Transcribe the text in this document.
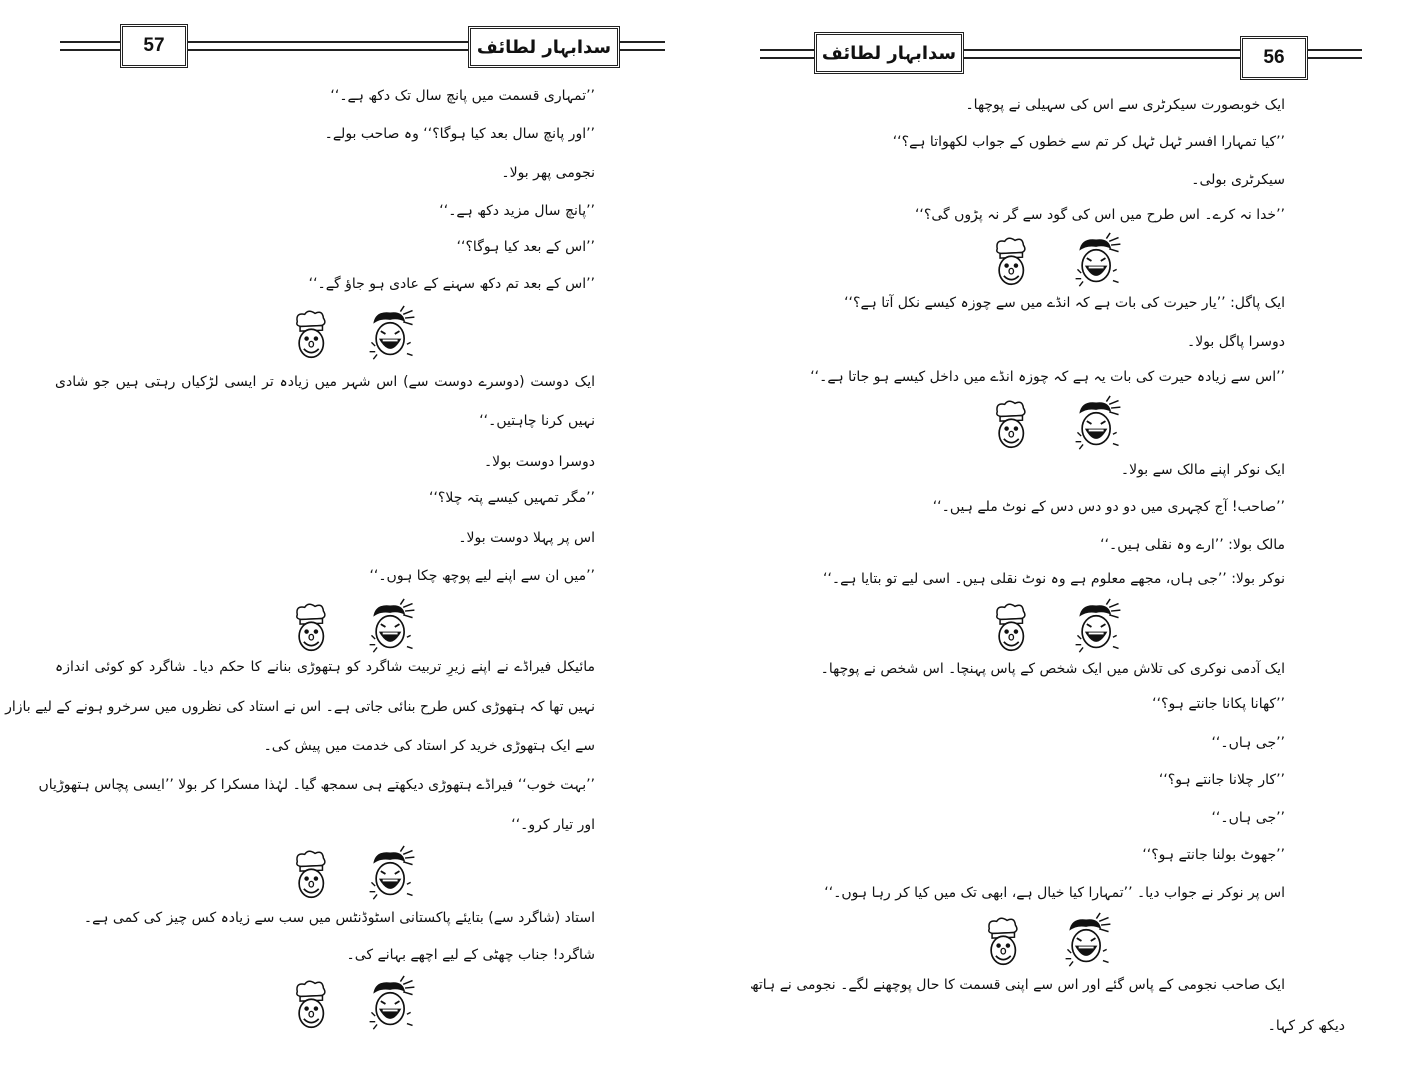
57	سدابہار لطائف
’’تمہاری قسمت میں پانچ سال تک دکھ ہے۔‘‘
’’اور پانچ سال بعد کیا ہوگا؟‘‘ وہ صاحب بولے۔
نجومی پھر بولا۔
’’پانچ سال مزید دکھ ہے۔‘‘
’’اس کے بعد کیا ہوگا؟‘‘
’’اس کے بعد تم دکھ سہنے کے عادی ہو جاؤ گے۔‘‘
ایک دوست (دوسرے دوست سے) اس شہر میں زیادہ تر ایسی لڑکیاں رہتی ہیں جو شادی
نہیں کرنا چاہتیں۔‘‘
دوسرا دوست بولا۔
’’مگر تمہیں کیسے پتہ چلا؟‘‘
اس پر پہلا دوست بولا۔
’’میں ان سے اپنے لیے پوچھ چکا ہوں۔‘‘
مائیکل فیراڈے نے اپنے زیرِ تربیت شاگرد کو ہتھوڑی بنانے کا حکم دیا۔ شاگرد کو کوئی اندازہ
نہیں تھا کہ ہتھوڑی کس طرح بنائی جاتی ہے۔ اس نے استاد کی نظروں میں سرخرو ہونے کے لیے بازار
سے ایک ہتھوڑی خرید کر استاد کی خدمت میں پیش کی۔
’’بہت خوب‘‘ فیراڈے ہتھوڑی دیکھتے ہی سمجھ گیا۔ لہٰذا مسکرا کر بولا ’’ایسی پچاس ہتھوڑیاں
اور تیار کرو۔‘‘
استاد (شاگرد سے) بتایئے پاکستانی اسٹوڈنٹس میں سب سے زیادہ کس چیز کی کمی ہے۔
شاگرد! جناب چھٹی کے لیے اچھے بہانے کی۔
سدابہار لطائف	56
ایک خوبصورت سیکرٹری سے اس کی سہیلی نے پوچھا۔
’’کیا تمہارا افسر ٹہل ٹہل کر تم سے خطوں کے جواب لکھواتا ہے؟‘‘
سیکرٹری بولی۔
’’خدا نہ کرے۔ اس طرح میں اس کی گود سے گر نہ پڑوں گی؟‘‘
ایک پاگل: ’’یار حیرت کی بات ہے کہ انڈے میں سے چوزہ کیسے نکل آتا ہے؟‘‘
دوسرا پاگل بولا۔
’’اس سے زیادہ حیرت کی بات یہ ہے کہ چوزہ انڈے میں داخل کیسے ہو جاتا ہے۔‘‘
ایک نوکر اپنے مالک سے بولا۔
’’صاحب! آج کچہری میں دو دو دس دس کے نوٹ ملے ہیں۔‘‘
مالک بولا: ’’ارے وہ نقلی ہیں۔‘‘
نوکر بولا: ’’جی ہاں، مجھے معلوم ہے وہ نوٹ نقلی ہیں۔ اسی لیے تو بتایا ہے۔‘‘
ایک آدمی نوکری کی تلاش میں ایک شخص کے پاس پہنچا۔ اس شخص نے پوچھا۔
’’کھانا پکانا جانتے ہو؟‘‘
’’جی ہاں۔‘‘
’’کار چلانا جانتے ہو؟‘‘
’’جی ہاں۔‘‘
’’جھوٹ بولنا جانتے ہو؟‘‘
اس پر نوکر نے جواب دیا۔ ’’تمہارا کیا خیال ہے، ابھی تک میں کیا کر رہا ہوں۔‘‘
ایک صاحب نجومی کے پاس گئے اور اس سے اپنی قسمت کا حال پوچھنے لگے۔ نجومی نے ہاتھ
دیکھ کر کہا۔
